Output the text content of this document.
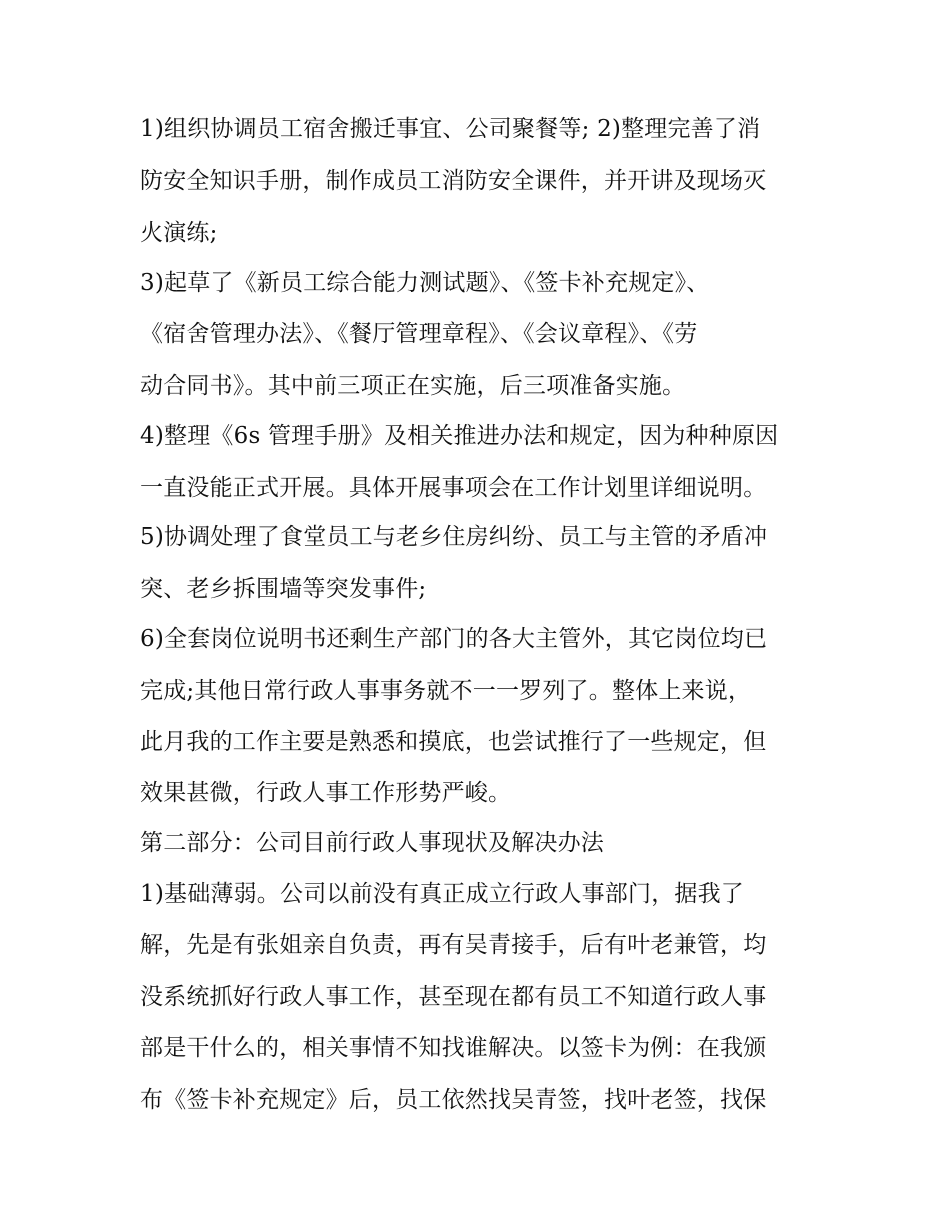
1)组织协调员工宿舍搬迁事宜、公司聚餐等; 2)整理完善了消
防安全知识手册，制作成员工消防安全课件，并开讲及现场灭
火演练;
3)起草了《新员工综合能力测试题》、《签卡补充规定》、
《宿舍管理办法》、《餐厅管理章程》、《会议章程》、《劳
动合同书》。其中前三项正在实施，后三项准备实施。
4)整理《6s 管理手册》及相关推进办法和规定，因为种种原因
一直没能正式开展。具体开展事项会在工作计划里详细说明。
5)协调处理了食堂员工与老乡住房纠纷、员工与主管的矛盾冲
突、老乡拆围墙等突发事件;
6)全套岗位说明书还剩生产部门的各大主管外，其它岗位均已
完成;其他日常行政人事事务就不一一罗列了。整体上来说，
此月我的工作主要是熟悉和摸底，也尝试推行了一些规定，但
效果甚微，行政人事工作形势严峻。
第二部分：公司目前行政人事现状及解决办法
1)基础薄弱。公司以前没有真正成立行政人事部门，据我了
解，先是有张姐亲自负责，再有吴青接手，后有叶老兼管，均
没系统抓好行政人事工作，甚至现在都有员工不知道行政人事
部是干什么的，相关事情不知找谁解决。以签卡为例：在我颁
布《签卡补充规定》后，员工依然找吴青签，找叶老签，找保
